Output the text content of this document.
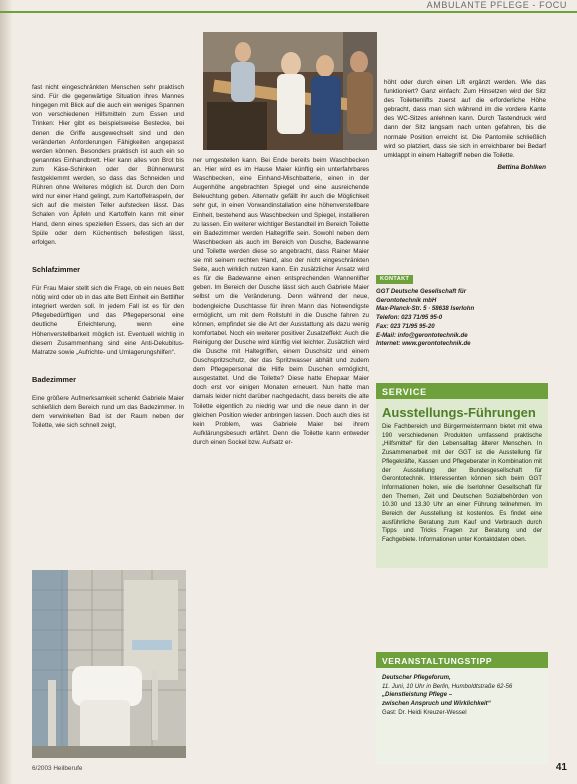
AMBULANTE PFLEGE - FOCU

fast nicht eingeschränkten Menschen sehr praktisch sind. Für die gegenwärtige Situation ihres Mannes hingegen mit Blick auf die auch ein weniges Spannen von verschiedenen Hilfsmitteln zum Essen und Trinken: Hier gibt es beispielsweise Bestecke, bei denen die Griffe ausgewechselt sind und den veränderten Anforderungen Fähigkeiten angepasst werden können. Besonders praktisch ist auch ein so genanntes Einhandbrett. Hier kann alles von Brot bis zum Käse-Schinken oder der Bühnenwurst festgeklemmt werden, so dass das Schneiden und Rühren ohne Weiteres möglich ist. Durch den Dorn wird nur einer Hand gelingt, zum Kartoffelraspeln, der sich auf die meisten Teller aufstecken lässt. Das Schalen von Äpfeln und Kartoffeln kann mit einer Hand, denn eines speziellen Essers, das sich an der Spüle oder dem Küchentisch befestigen lässt, erfolgen.

Schlafzimmer

Für Frau Maier stellt sich die Frage, ob ein neues Bett nötig wird oder ob in das alte Bett Einheit ein Bettlifter integriert werden soll. In jedem Fall ist es für den Pflegebedürftigen und das Pflegepersonal eine deutliche Erleichterung, wenn eine Höhenverstellbarkeit möglich ist. Eventuell wichtig in diesem Zusammenhang sind eine Anti-Dekubitus-Matratze sowie „Aufrichte- und Umlagerungshilfen“.

Badezimmer

Eine größere Aufmerksamkeit schenkt Gabriele Maier schließlich dem Bereich rund um das Badezimmer. In dem verwinkelten Bad ist der Raum neben der Toilette, wie sich schnell zeigt,

ner umgestellen kann. Bei Ende bereits beim Waschbecken an. Hier wird es im Hause Maier künftig ein unterfahrbares Waschbecken, eine Einhand-Mischbatterie, einen in der Augenhöhe angebrachten Spiegel und eine ausreichende Beleuchtung geben. Alternativ gefällt ihr auch die Möglichkeit sehr gut, in einen Vorwandinstallation eine höhenverstellbare Einheit, bestehend aus Waschbecken und Spiegel, installieren zu lassen. Ein weiterer wichtiger Bestandteil im Bereich Toilette ein Badezimmer werden Haltegriffe sein. Sowohl neben dem Waschbecken als auch im Bereich von Dusche, Badewanne und Toilette werden diese so angebracht, dass Rainer Maier sie mit seinem rechten Hand, also der nicht eingeschränkten Seite, auch wirklich nutzen kann. Ein zusätzlicher Ansatz wird es für die Badewanne einen entsprechenden Wannenlifter geben. Im Bereich der Dusche lässt sich auch Gabriele Maier selbst um die Veränderung. Denn während der neue, bodengleiche Duschtasse für ihren Mann das Notwendigste ermöglicht, um mit dem Rollstuhl in die Dusche fahren zu können, empfindet sie die Art der Ausstattung als dazu wenig komfortabel. Noch ein weiterer positiver Zusatzeffekt: Auch die Reinigung der Dusche wird künftig viel leichter. Zusätzlich wird die Dusche mit Haltegriffen, einem Duschsitz und einem Duschspritzschutz, der das Spritzwasser abhält und zudem dem Pflegepersonal die Hilfe beim Duschen ermöglicht, ausgestattet. Und die Toilette? Diese hatte Ehepaar Maier doch erst vor einigen Monaten erneuert. Nun hatte man damals leider nicht darüber nachgedacht, dass bereits die alte Toilette eigentlich zu niedrig war und die neue dann in der gleichen Position wieder anbringen lassen. Doch auch dies ist kein Problem, was Gabriele Maier bei ihrem Aufklärungsbesuch erfährt. Denn die Toilette kann entweder durch einen Sockel bzw. Aufsatz er-

höht oder durch einen Lift ergänzt werden. Wie das funktioniert? Ganz einfach: Zum Hinsetzen wird der Sitz des Toilettenlifts zuerst auf die erforderliche Höhe gebracht, dass man sich während im die vordere Kante des WC-Sitzes anlehnen kann. Durch Tastendruck wird dann der Sitz langsam nach unten gefahren, bis die normale Position erreicht ist. Die Pantomile schließlich wird so platziert, dass sie sich in erreichbarer bei Bedarf umklappt in einem Haltegriff neben die Toilette.

Bettina Bohlken
KONTAKT
GGT Deutsche Gesellschaft für
Gerontotechnik mbH
Max-Planck-Str. 5 · 58638 Iserlohn
Telefon: 023 71/95 95-0
Fax: 023 71/95 95-20
E-Mail: info@gerontotechnik.de
Internet: www.gerontotechnik.de
SERVICE
Ausstellungs-Führungen
Die Fachbereich und Bürgermeistermann bietet mit etwa 190 verschiedenen Produkten umfassend praktische „Hilfsmittel“ für den Lebensalltag älterer Menschen. In Zusammenarbeit mit der GGT ist die Ausstellung für Pflegekräfte, Kassen und Pflegeberater in Kombination mit der Ausstellung der Bundesgesellschaft für Gerontotechnik. Interessenten können sich beim GGT Informationen holen, wie die Iserlohner Gesellschaft für den Themen, Zeit und Deutschen Sozialbehörden von 10.30 und 13.30 Uhr an einer Führung teilnehmen. Im Bereich der Ausstellung ist kostenlos. Es findet eine ausführliche Beratung zum Kauf und Verbrauch durch Tipps und Tricks Fragen zur Beratung und der Fachgebiete. Informationen unter Kontaktdaten oben.
VERANSTALTUNGSTIPP
Deutscher Pflegeforum,
11. Juni, 10 Uhr in Berlin, Humboldtstraße 62-56
„Dienstleistung Pflege –
zwischen Anspruch und Wirklichkeit“
Gast: Dr. Heidi Kreuzer-Wessel
6/2003 Heilberufe	41
